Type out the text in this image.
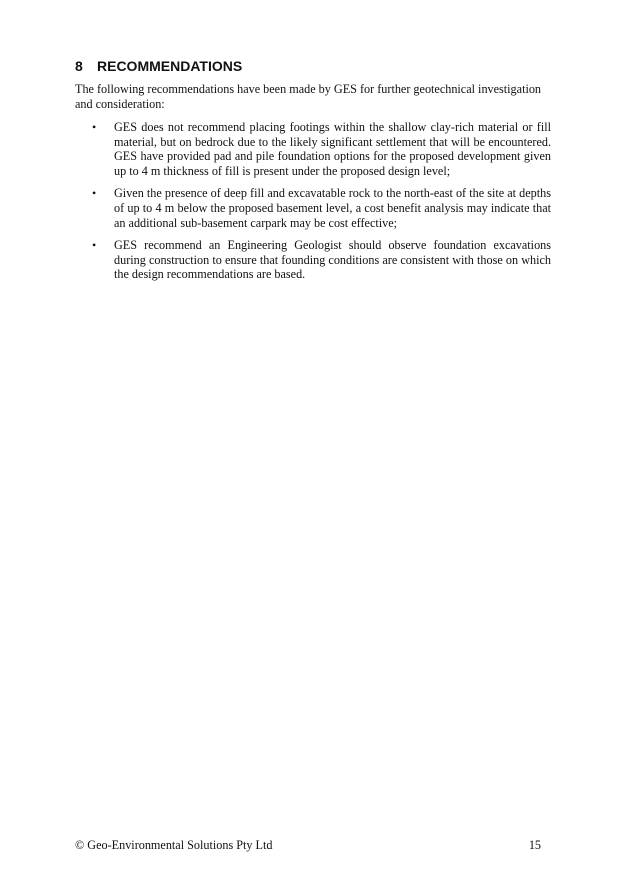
8 RECOMMENDATIONS

The following recommendations have been made by GES for further geotechnical investigation and consideration:

•	GES does not recommend placing footings within the shallow clay-rich material or fill material, but on bedrock due to the likely significant settlement that will be encountered. GES have provided pad and pile foundation options for the proposed development given up to 4 m thickness of fill is present under the proposed design level;
•	Given the presence of deep fill and excavatable rock to the north-east of the site at depths of up to 4 m below the proposed basement level, a cost benefit analysis may indicate that an additional sub-basement carpark may be cost effective;
•	GES recommend an Engineering Geologist should observe foundation excavations during construction to ensure that founding conditions are consistent with those on which the design recommendations are based.
© Geo-Environmental Solutions Pty Ltd	15
